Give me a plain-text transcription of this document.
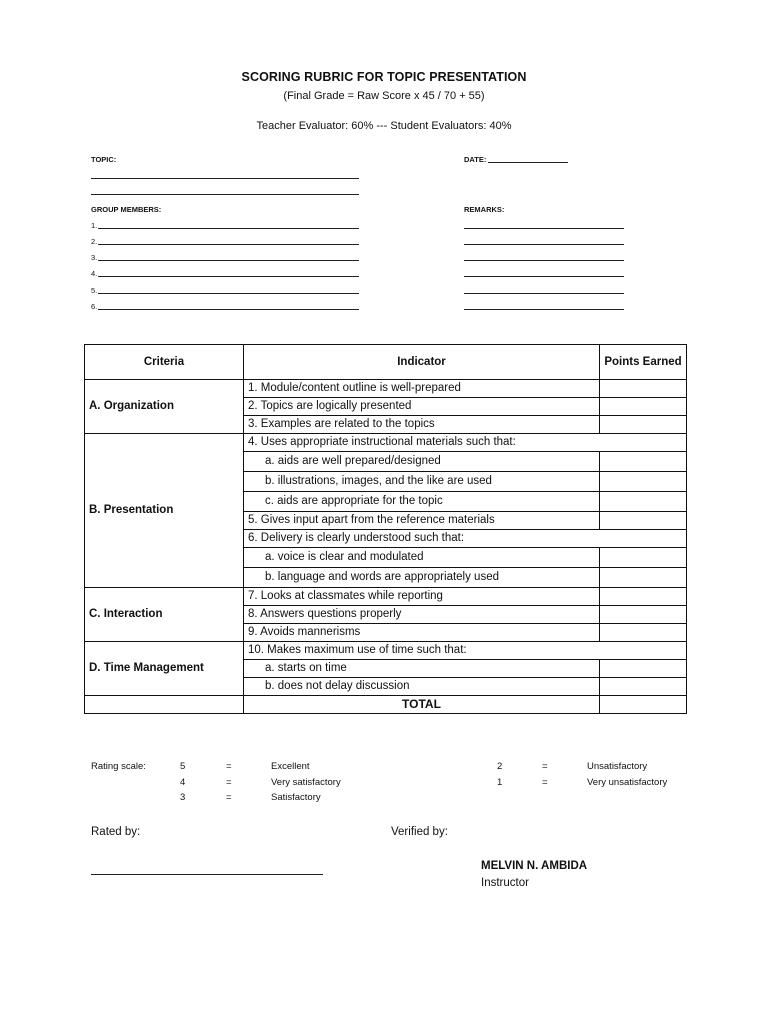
SCORING RUBRIC FOR TOPIC PRESENTATION
(Final Grade = Raw Score x 45 / 70 + 55)
Teacher Evaluator: 60% --- Student Evaluators: 40%
TOPIC:	DATE:
GROUP MEMBERS:
1.
2.
3.
4.
5.
6.
REMARKS:
Criteria	Indicator	Points Earned
A. Organization	1. Module/content outline is well-prepared	
	2. Topics are logically presented	
	3. Examples are related to the topics	
B. Presentation	4. Uses appropriate instructional materials such that:	
	a. aids are well prepared/designed	
	b. illustrations, images, and the like are used	
	c. aids are appropriate for the topic	
	5. Gives input apart from the reference materials	
	6. Delivery is clearly understood such that:	
	a. voice is clear and modulated	
	b. language and words are appropriately used	
C. Interaction	7. Looks at classmates while reporting	
	8. Answers questions properly	
	9. Avoids mannerisms	
D. Time Management	10. Makes maximum use of time such that:	
	a. starts on time	
	b. does not delay discussion	
	TOTAL	
Rating scale:	5	=	Excellent
4	=	Very satisfactory
3	=	Satisfactory
2	=	Unsatisfactory
1	=	Very unsatisfactory
Rated by:	Verified by:
MELVIN N. AMBIDA
Instructor
